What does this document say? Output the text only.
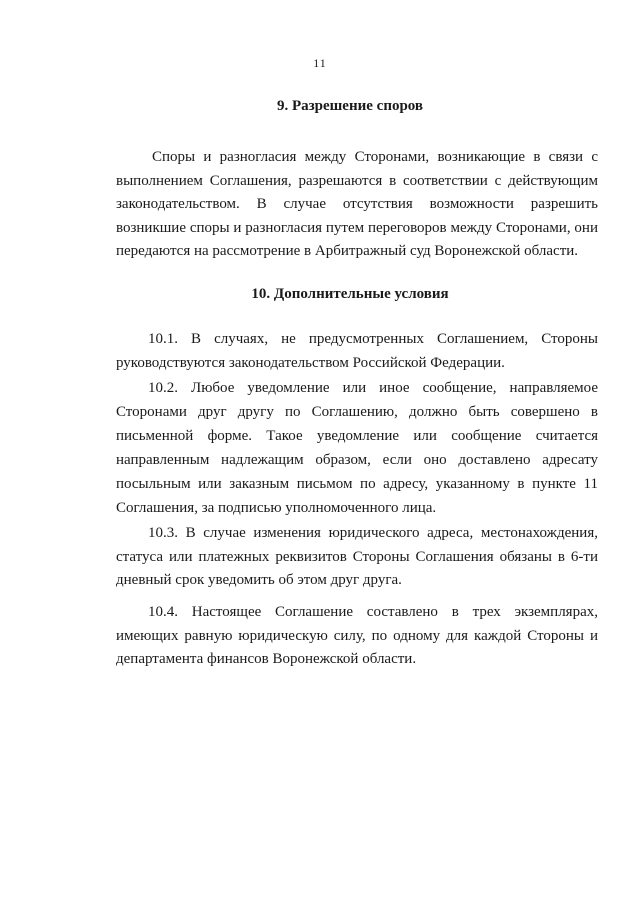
11
9. Разрешение споров

Споры и разногласия между Сторонами, возникающие в связи с выполнением Соглашения, разрешаются в соответствии с действующим законодательством. В случае отсутствия возможности разрешить возникшие споры и разногласия путем переговоров между Сторонами, они передаются на рассмотрение в Арбитражный суд Воронежской области.

10. Дополнительные условия

10.1. В случаях, не предусмотренных Соглашением, Стороны руководствуются законодательством Российской Федерации.

10.2. Любое уведомление или иное сообщение, направляемое Сторонами друг другу по Соглашению, должно быть совершено в письменной форме. Такое уведомление или сообщение считается направленным надлежащим образом, если оно доставлено адресату посыльным или заказным письмом по адресу, указанному в пункте 11 Соглашения, за подписью уполномоченного лица.

10.3. В случае изменения юридического адреса, местонахождения, статуса или платежных реквизитов Стороны Соглашения обязаны в 6-ти дневный срок уведомить об этом друг друга.

10.4. Настоящее Соглашение составлено в трех экземплярах, имеющих равную юридическую силу, по одному для каждой Стороны и департамента финансов Воронежской области.
